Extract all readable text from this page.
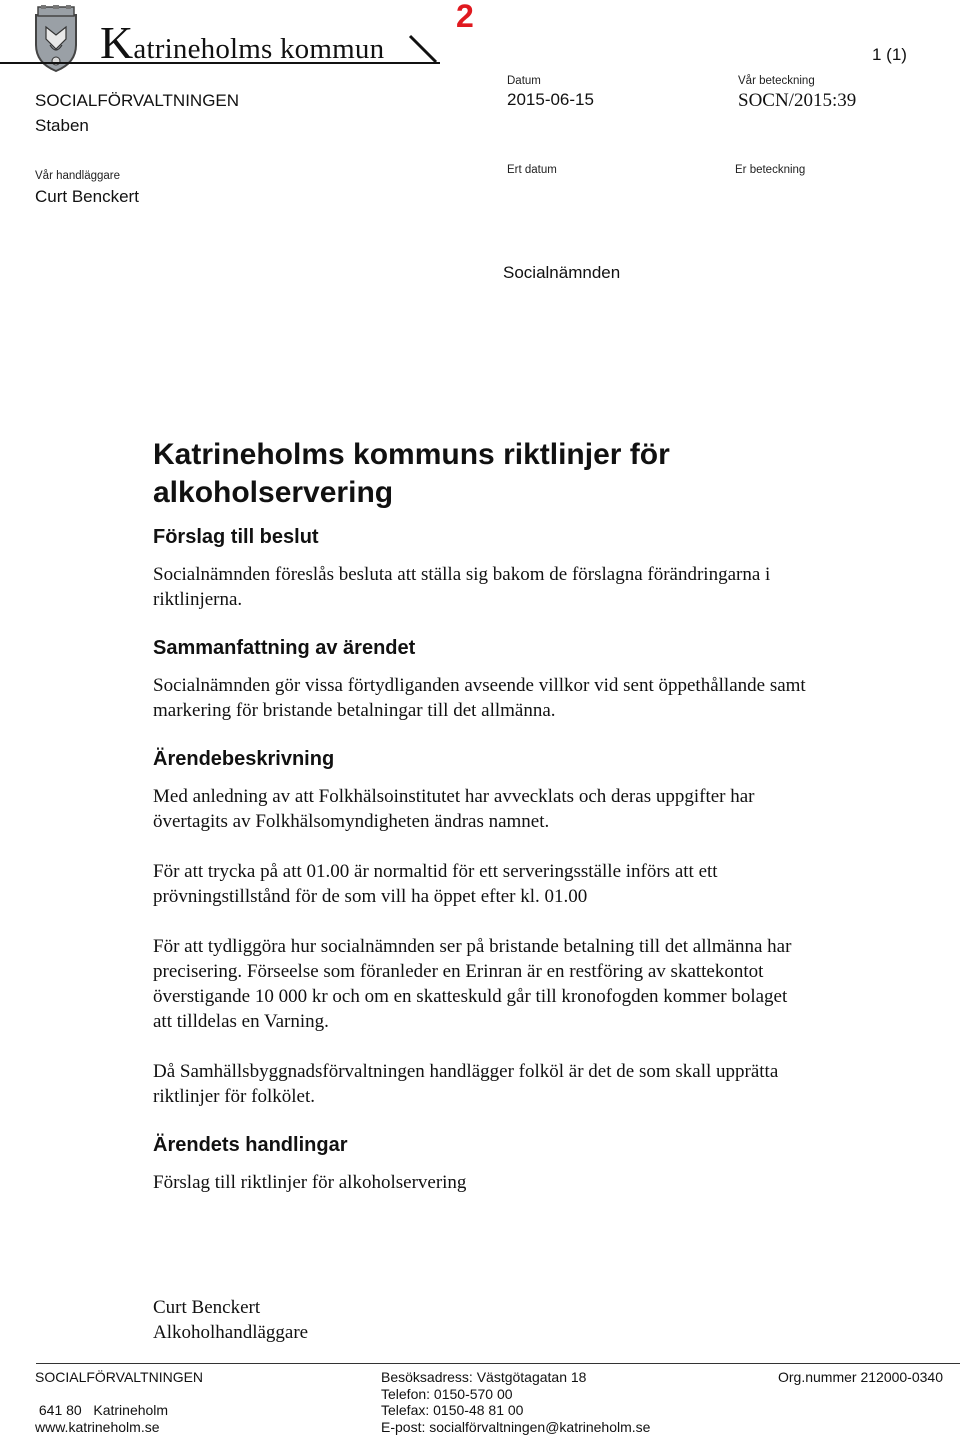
Katrineholms kommun
2
1 (1)
SOCIALFÖRVALTNINGEN
Staben
Datum
2015-06-15
Vår beteckning
SOCN/2015:39
Vår handläggare
Curt Benckert
Ert datum	Er beteckning
Socialnämnden
Katrineholms kommuns riktlinjer för alkoholservering
Förslag till beslut

Socialnämnden föreslås besluta att ställa sig bakom de förslagna förändringarna i
riktlinjerna.

Sammanfattning av ärendet

Socialnämnden gör vissa förtydliganden avseende villkor vid sent öppethållande samt
markering för bristande betalningar till det allmänna.

Ärendebeskrivning

Med anledning av att Folkhälsoinstitutet har avvecklats och deras uppgifter har
övertagits av Folkhälsomyndigheten ändras namnet.

För att trycka på att 01.00 är normaltid för ett serveringsställe införs att ett
prövningstillstånd för de som vill ha öppet efter kl. 01.00

För att tydliggöra hur socialnämnden ser på bristande betalning till det allmänna har
precisering. Förseelse som föranleder en Erinran är en restföring av skattekontot
överstigande 10 000 kr och om en skatteskuld går till kronofogden kommer bolaget
att tilldelas en Varning.

Då Samhällsbyggnadsförvaltningen handlägger folköl är det de som skall upprätta
riktlinjer för folkölet.

Ärendets handlingar

Förslag till riktlinjer för alkoholservering

Curt Benckert
Alkoholhandläggare

SOCIALFÖRVALTNINGEN
641 80   Katrineholm
www.katrineholm.se
Besöksadress: Västgötagatan 18
Telefon: 0150-570 00
Telefax: 0150-48 81 00
E-post: socialförvaltningen@katrineholm.se
Org.nummer 212000-0340
